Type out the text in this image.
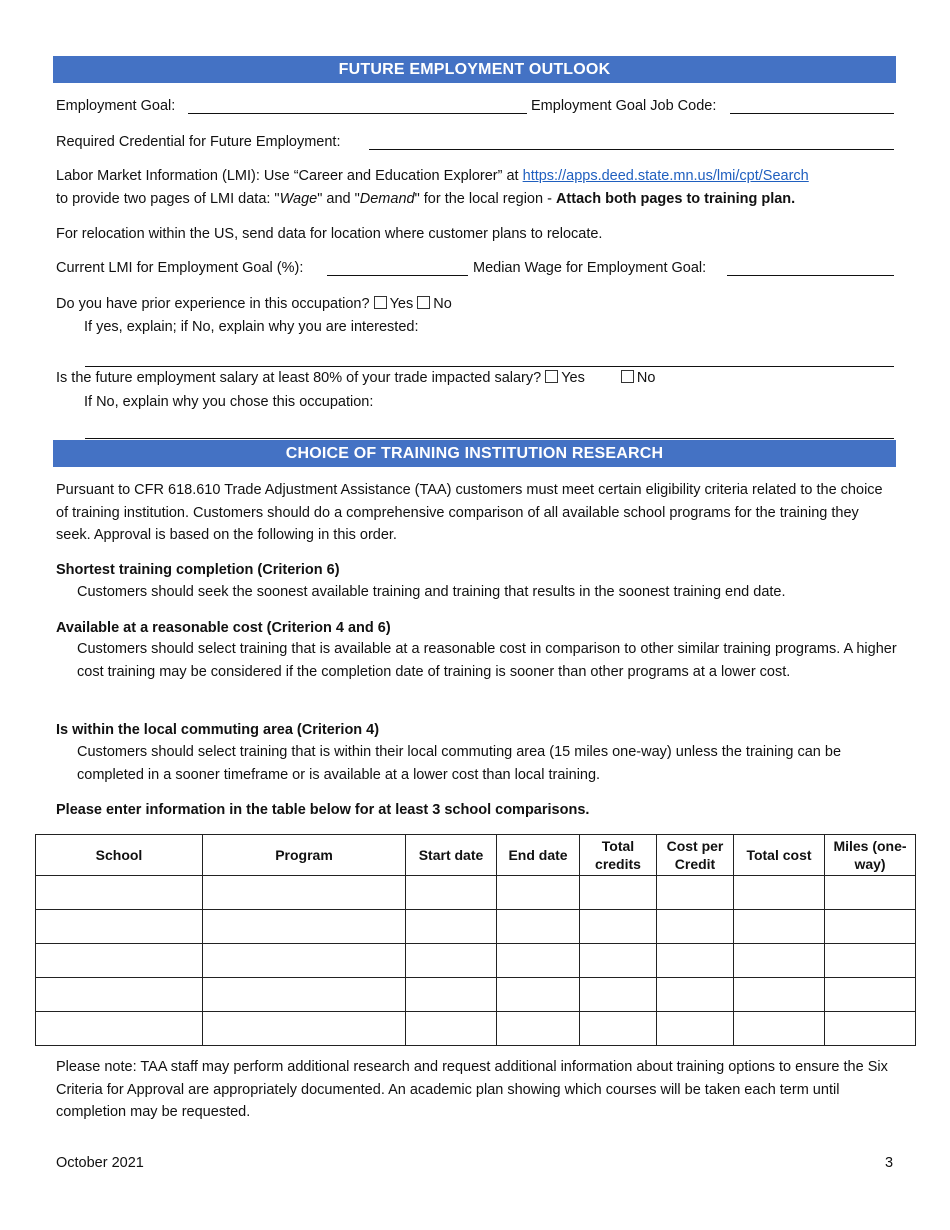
FUTURE EMPLOYMENT OUTLOOK
Employment Goal:	Employment Goal Job Code:
Required Credential for Future Employment:
Labor Market Information (LMI): Use “Career and Education Explorer” at https://apps.deed.state.mn.us/lmi/cpt/Search
to provide two pages of LMI data: "Wage" and "Demand" for the local region - Attach both pages to training plan.
For relocation within the US, send data for location where customer plans to relocate.
Current LMI for Employment Goal (%):	Median Wage for Employment Goal:
Do you have prior experience in this occupation? Yes No
If yes, explain; if No, explain why you are interested:
Is the future employment salary at least 80% of your trade impacted salary? Yes	No
If No, explain why you chose this occupation:
CHOICE OF TRAINING INSTITUTION RESEARCH
Pursuant to CFR 618.610 Trade Adjustment Assistance (TAA) customers must meet certain eligibility criteria related to the choice of training institution. Customers should do a comprehensive comparison of all available school programs for the training they seek. Approval is based on the following in this order.
Shortest training completion (Criterion 6)
Customers should seek the soonest available training and training that results in the soonest training end date.
Available at a reasonable cost (Criterion 4 and 6)
Customers should select training that is available at a reasonable cost in comparison to other similar training programs. A higher cost training may be considered if the completion date of training is sooner than other programs at a lower cost.
Is within the local commuting area (Criterion 4)
Customers should select training that is within their local commuting area (15 miles one-way) unless the training can be completed in a sooner timeframe or is available at a lower cost than local training.
Please enter information in the table below for at least 3 school comparisons.
School	Program	Start date	End date	Total credits	Cost per Credit	Total cost	Miles (one-way)

Please note: TAA staff may perform additional research and request additional information about training options to ensure the Six Criteria for Approval are appropriately documented. An academic plan showing which courses will be taken each term until completion may be requested.
October 2021	3
